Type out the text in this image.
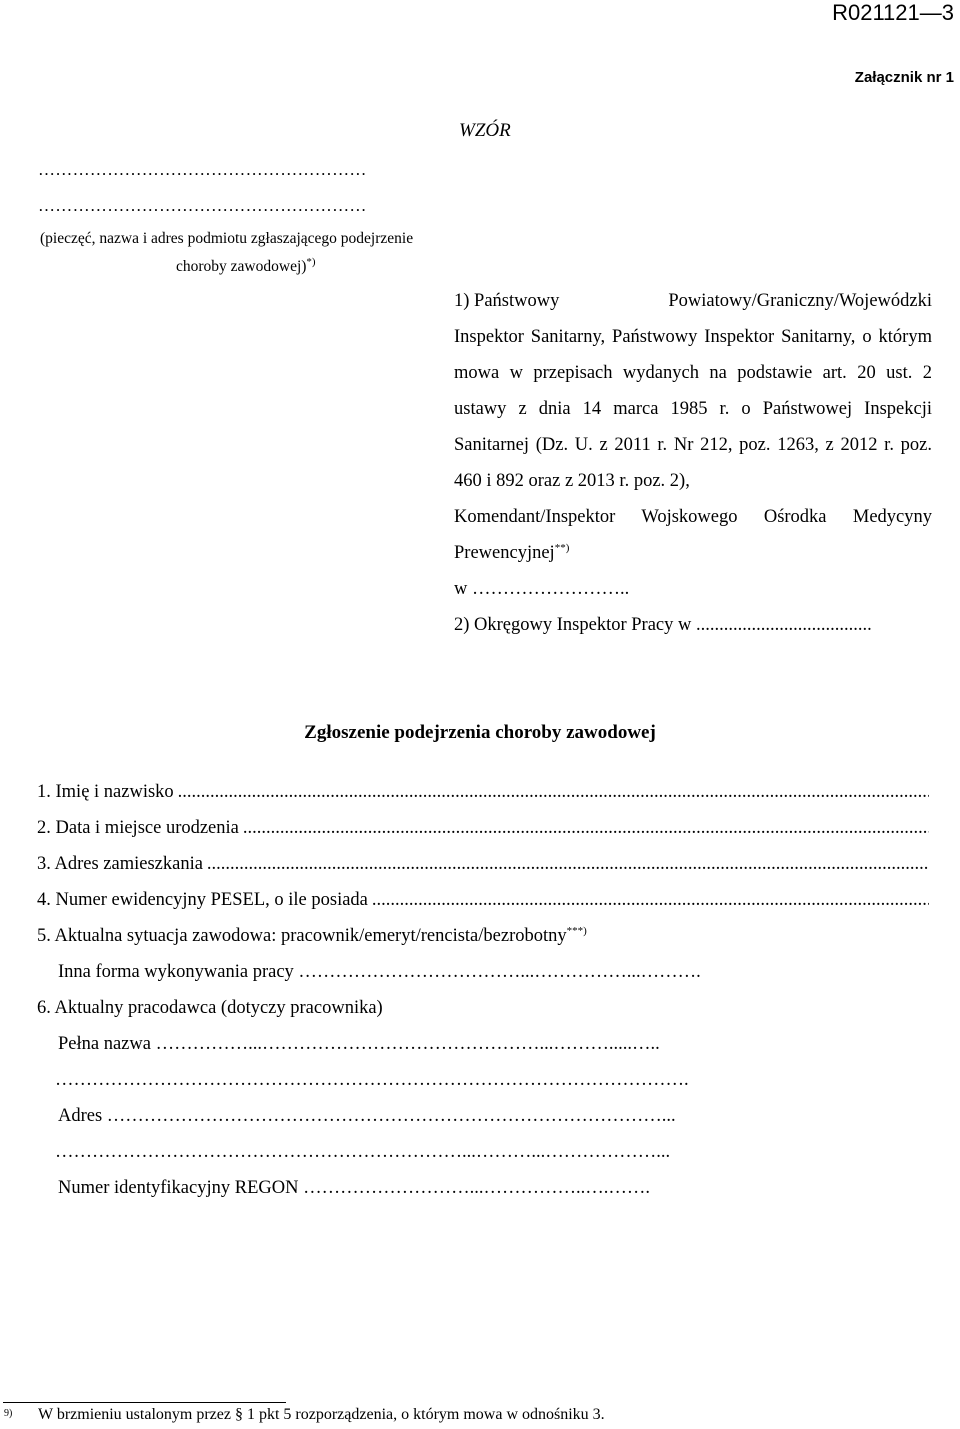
R021121—3
Załącznik nr 1
WZÓR
…………………………………………………
…………………………………………………
(pieczęć, nazwa i adres podmiotu zgłaszającego podejrzenie
choroby zawodowej)*)
1) Państwowy	Powiatowy/Graniczny/Wojewódzki

Inspektor Sanitarny, Państwowy Inspektor Sanitarny, o którym mowa w przepisach wydanych na podstawie art. 20 ust. 2 ustawy z dnia 14 marca 1985 r. o Państwowej Inspekcji Sanitarnej (Dz. U. z 2011 r. Nr 212, poz. 1263, z 2012 r. poz. 460 i 892 oraz z 2013 r. poz. 2),

Komendant/Inspektor Wojskowego Ośrodka Medycyny Prewencyjnej**)

w ……………………..

2) Okręgowy Inspektor Pracy w ......................................

Zgłoszenie podejrzenia choroby zawodowej
1. Imię i nazwisko
.....
2. Data i miejsce urodzenia
.....
3. Adres zamieszkania
.....
4. Numer ewidencyjny PESEL, o ile posiada
.....
5. Aktualna sytuacja zawodowa: pracownik/emeryt/rencista/bezrobotny***)
Inna forma wykonywania pracy ………………………………...……………...……….
6. Aktualny pracodawca (dotyczy pracownika)
Pełna nazwa ……………...………………………………………...……….....…..
………………………………………………………………………………………….
Adres ………………………………………………………………………………...
…………………………………………………………...………...………………...
Numer identyfikacyjny REGON ………………………...……………..….…….
9) W brzmieniu ustalonym przez § 1 pkt 5 rozporządzenia, o którym mowa w odnośniku 3.
